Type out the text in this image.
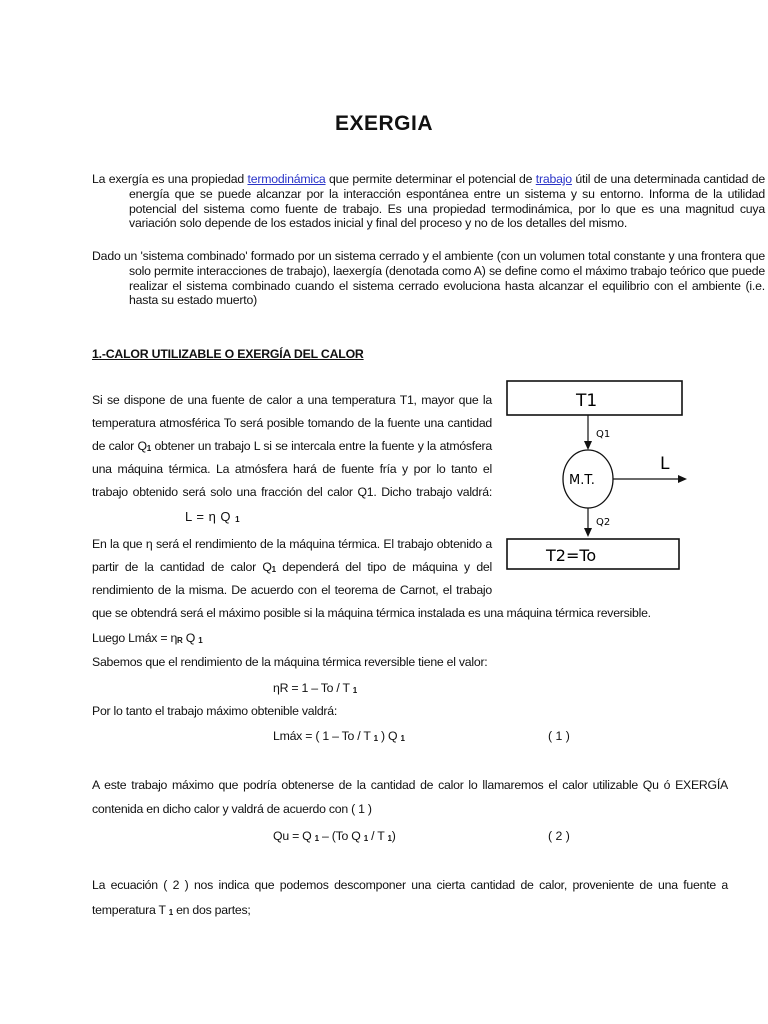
EXERGIA

La exergía es una propiedad termodinámica que permite determinar el potencial de trabajo útil de una determinada cantidad de energía que se puede alcanzar por la interacción espontánea entre un sistema y su entorno. Informa de la utilidad potencial del sistema como fuente de trabajo. Es una propiedad termodinámica, por lo que es una magnitud cuya variación solo depende de los estados inicial y final del proceso y no de los detalles del mismo.

Dado un 'sistema combinado' formado por un sistema cerrado y el ambiente (con un volumen total constante y una frontera que solo permite interacciones de trabajo), laexergía (denotada como A) se define como el máximo trabajo teórico que puede realizar el sistema combinado cuando el sistema cerrado evoluciona hasta alcanzar el equilibrio con el ambiente (i.e. hasta su estado muerto)

1.-CALOR UTILIZABLE O EXERGÍA DEL CALOR
Si se dispone de una fuente de calor a una temperatura T1, mayor que la
temperatura atmosférica To será posible tomando de la fuente una cantidad
de calor Q1 obtener un trabajo L si se intercala entre la fuente y la atmósfera
una máquina térmica. La atmósfera hará de fuente fría y por lo tanto el
trabajo obtenido será solo una fracción del calor Q1. Dicho trabajo valdrá:
L = η Q 1
En la que η será el rendimiento de la máquina térmica. El trabajo obtenido a
partir de la cantidad de calor Q1 dependerá del tipo de máquina y del
rendimiento de la misma. De acuerdo con el teorema de Carnot, el trabajo
que se obtendrá será el máximo posible si la máquina térmica instalada es una máquina térmica reversible.
Luego Lmáx = ηR Q 1
Sabemos que el rendimiento de la máquina térmica reversible tiene el valor:
ηR = 1 – To / T 1
Por lo tanto el trabajo máximo obtenible valdrá:
Lmáx = ( 1 – To / T 1 ) Q 1	( 1 )
A este trabajo máximo que podría obtenerse de la cantidad de calor lo llamaremos el calor utilizable Qu ó EXERGÍA
contenida en dicho calor y valdrá de acuerdo con ( 1 )
Qu = Q 1 – (To Q 1 / T 1)	( 2 )
La ecuación ( 2 ) nos indica que podemos descomponer una cierta cantidad de calor, proveniente de una fuente a
temperatura T 1 en dos partes;
T1
Q1
M.T.
L
Q2
T2=To
